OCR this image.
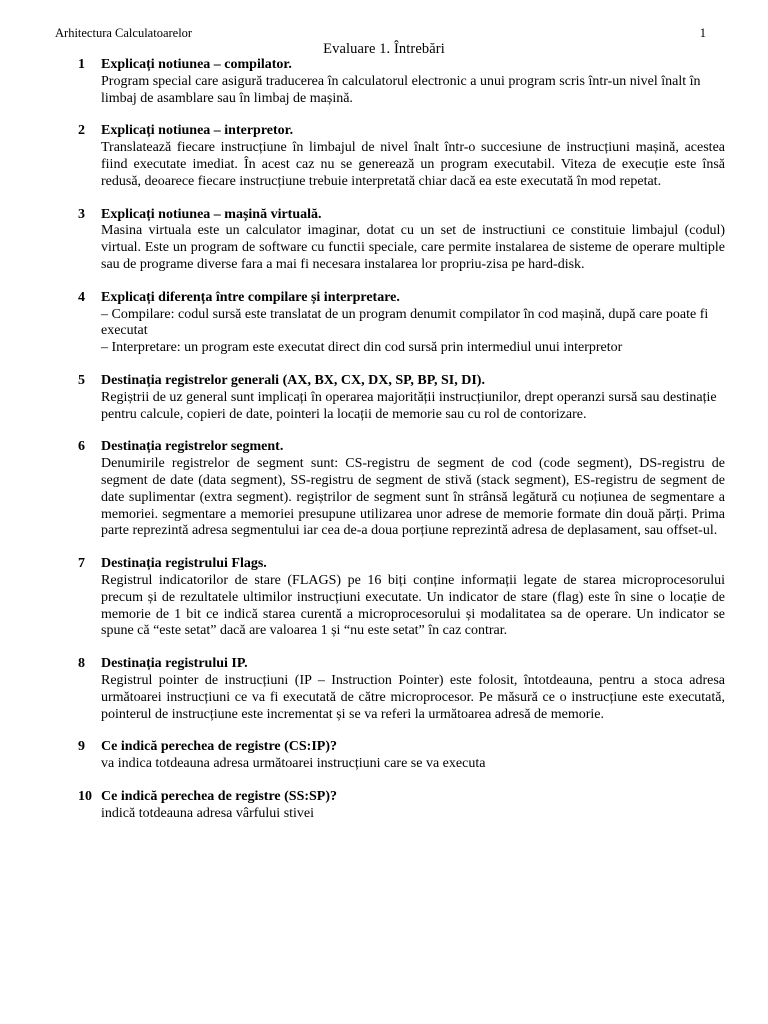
Arhitectura Calculatoarelor	1
Evaluare 1. Întrebări
1 Explicați notiunea – compilator.
Program special care asigură traducerea în calculatorul electronic a unui program scris într-un nivel înalt în limbaj de asamblare sau în limbaj de mașină.
2 Explicați notiunea – interpretor.
Translatează fiecare instrucțiune în limbajul de nivel înalt într-o succesiune de instrucțiuni mașină, acestea fiind executate imediat. În acest caz nu se generează un program executabil. Viteza de execuție este însă redusă, deoarece fiecare instrucțiune trebuie interpretată chiar dacă ea este executată în mod repetat.
3 Explicați notiunea – mașină virtuală.
Masina virtuala este un calculator imaginar, dotat cu un set de instructiuni ce constituie limbajul (codul) virtual. Este un program de software cu functii speciale, care permite instalarea de sisteme de operare multiple sau de programe diverse fara a mai fi necesara instalarea lor propriu-zisa pe hard-disk.
4 Explicați diferența între compilare și interpretare.
– Compilare: codul sursă este translatat de un program denumit compilator în cod mașină, după care poate fi executat
– Interpretare: un program este executat direct din cod sursă prin intermediul unui interpretor
5 Destinația registrelor generali (AX, BX, CX, DX, SP, BP, SI, DI).
Regiștrii de uz general sunt implicați în operarea majorității instrucțiunilor, drept operanzi sursă sau destinație pentru calcule, copieri de date, pointeri la locații de memorie sau cu rol de contorizare.
6 Destinația registrelor segment.
Denumirile registrelor de segment sunt: CS-registru de segment de cod (code segment), DS-registru de segment de date (data segment), SS-registru de segment de stivă (stack segment), ES-registru de segment de date suplimentar (extra segment). regiștrilor de segment sunt în strânsă legătură cu noțiunea de segmentare a memoriei. segmentare a memoriei presupune utilizarea unor adrese de memorie formate din două părți. Prima parte reprezintă adresa segmentului iar cea de-a doua porțiune reprezintă adresa de deplasament, sau offset-ul.
7 Destinația registrului Flags.
Registrul indicatorilor de stare (FLAGS) pe 16 biți conține informații legate de starea microprocesorului precum și de rezultatele ultimilor instrucțiuni executate. Un indicator de stare (flag) este în sine o locație de memorie de 1 bit ce indică starea curentă a microprocesorului și modalitatea sa de operare. Un indicator se spune că “este setat” dacă are valoarea 1 și “nu este setat” în caz contrar.
8 Destinația registrului IP.
Registrul pointer de instrucțiuni (IP – Instruction Pointer) este folosit, întotdeauna, pentru a stoca adresa următoarei instrucțiuni ce va fi executată de către microprocesor. Pe măsură ce o instrucțiune este executată, pointerul de instrucțiune este incrementat și se va referi la următoarea adresă de memorie.
9 Ce indică perechea de registre (CS:IP)?
va indica totdeauna adresa următoarei instrucțiuni care se va executa
10 Ce indică perechea de registre (SS:SP)?
indică totdeauna adresa vârfului stivei
